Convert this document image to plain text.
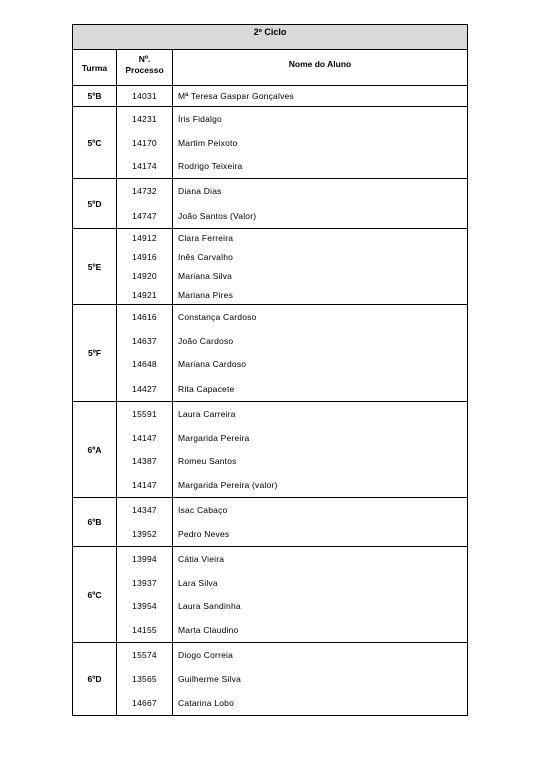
2º Ciclo
Turma
Nº.
Processo
Nome do Aluno
5ºB	14031	Mª Teresa Gaspar Gonçalves
5ºC
14231
14170
14174
Íris Fidalgo
Martim Peixoto
Rodrigo Teixeira
5ºD
14732
14747
Diana Dias
João Santos (Valor)
5ºE
14912
14916
14920
14921
Clara Ferreira
Inês Carvalho
Mariana Silva
Mariana Pires
5ºF
14616
14637
14648
14427
Constança Cardoso
João Cardoso
Mariana Cardoso
Rita Capacete
6ºA
15591
14147
14387
14147
Laura Carreira
Margarida Pereira
Romeu Santos
Margarida Pereira (valor)
6ºB
14347
13952
Isac Cabaço
Pedro Neves
6ºC
13994
13937
13954
14155
Cátia Vieira
Lara Silva
Laura Sandinha
Marta Claudino
6ºD
15574
13565
14667
Diogo Correia
Guilherme Silva
Catarina Lobo
